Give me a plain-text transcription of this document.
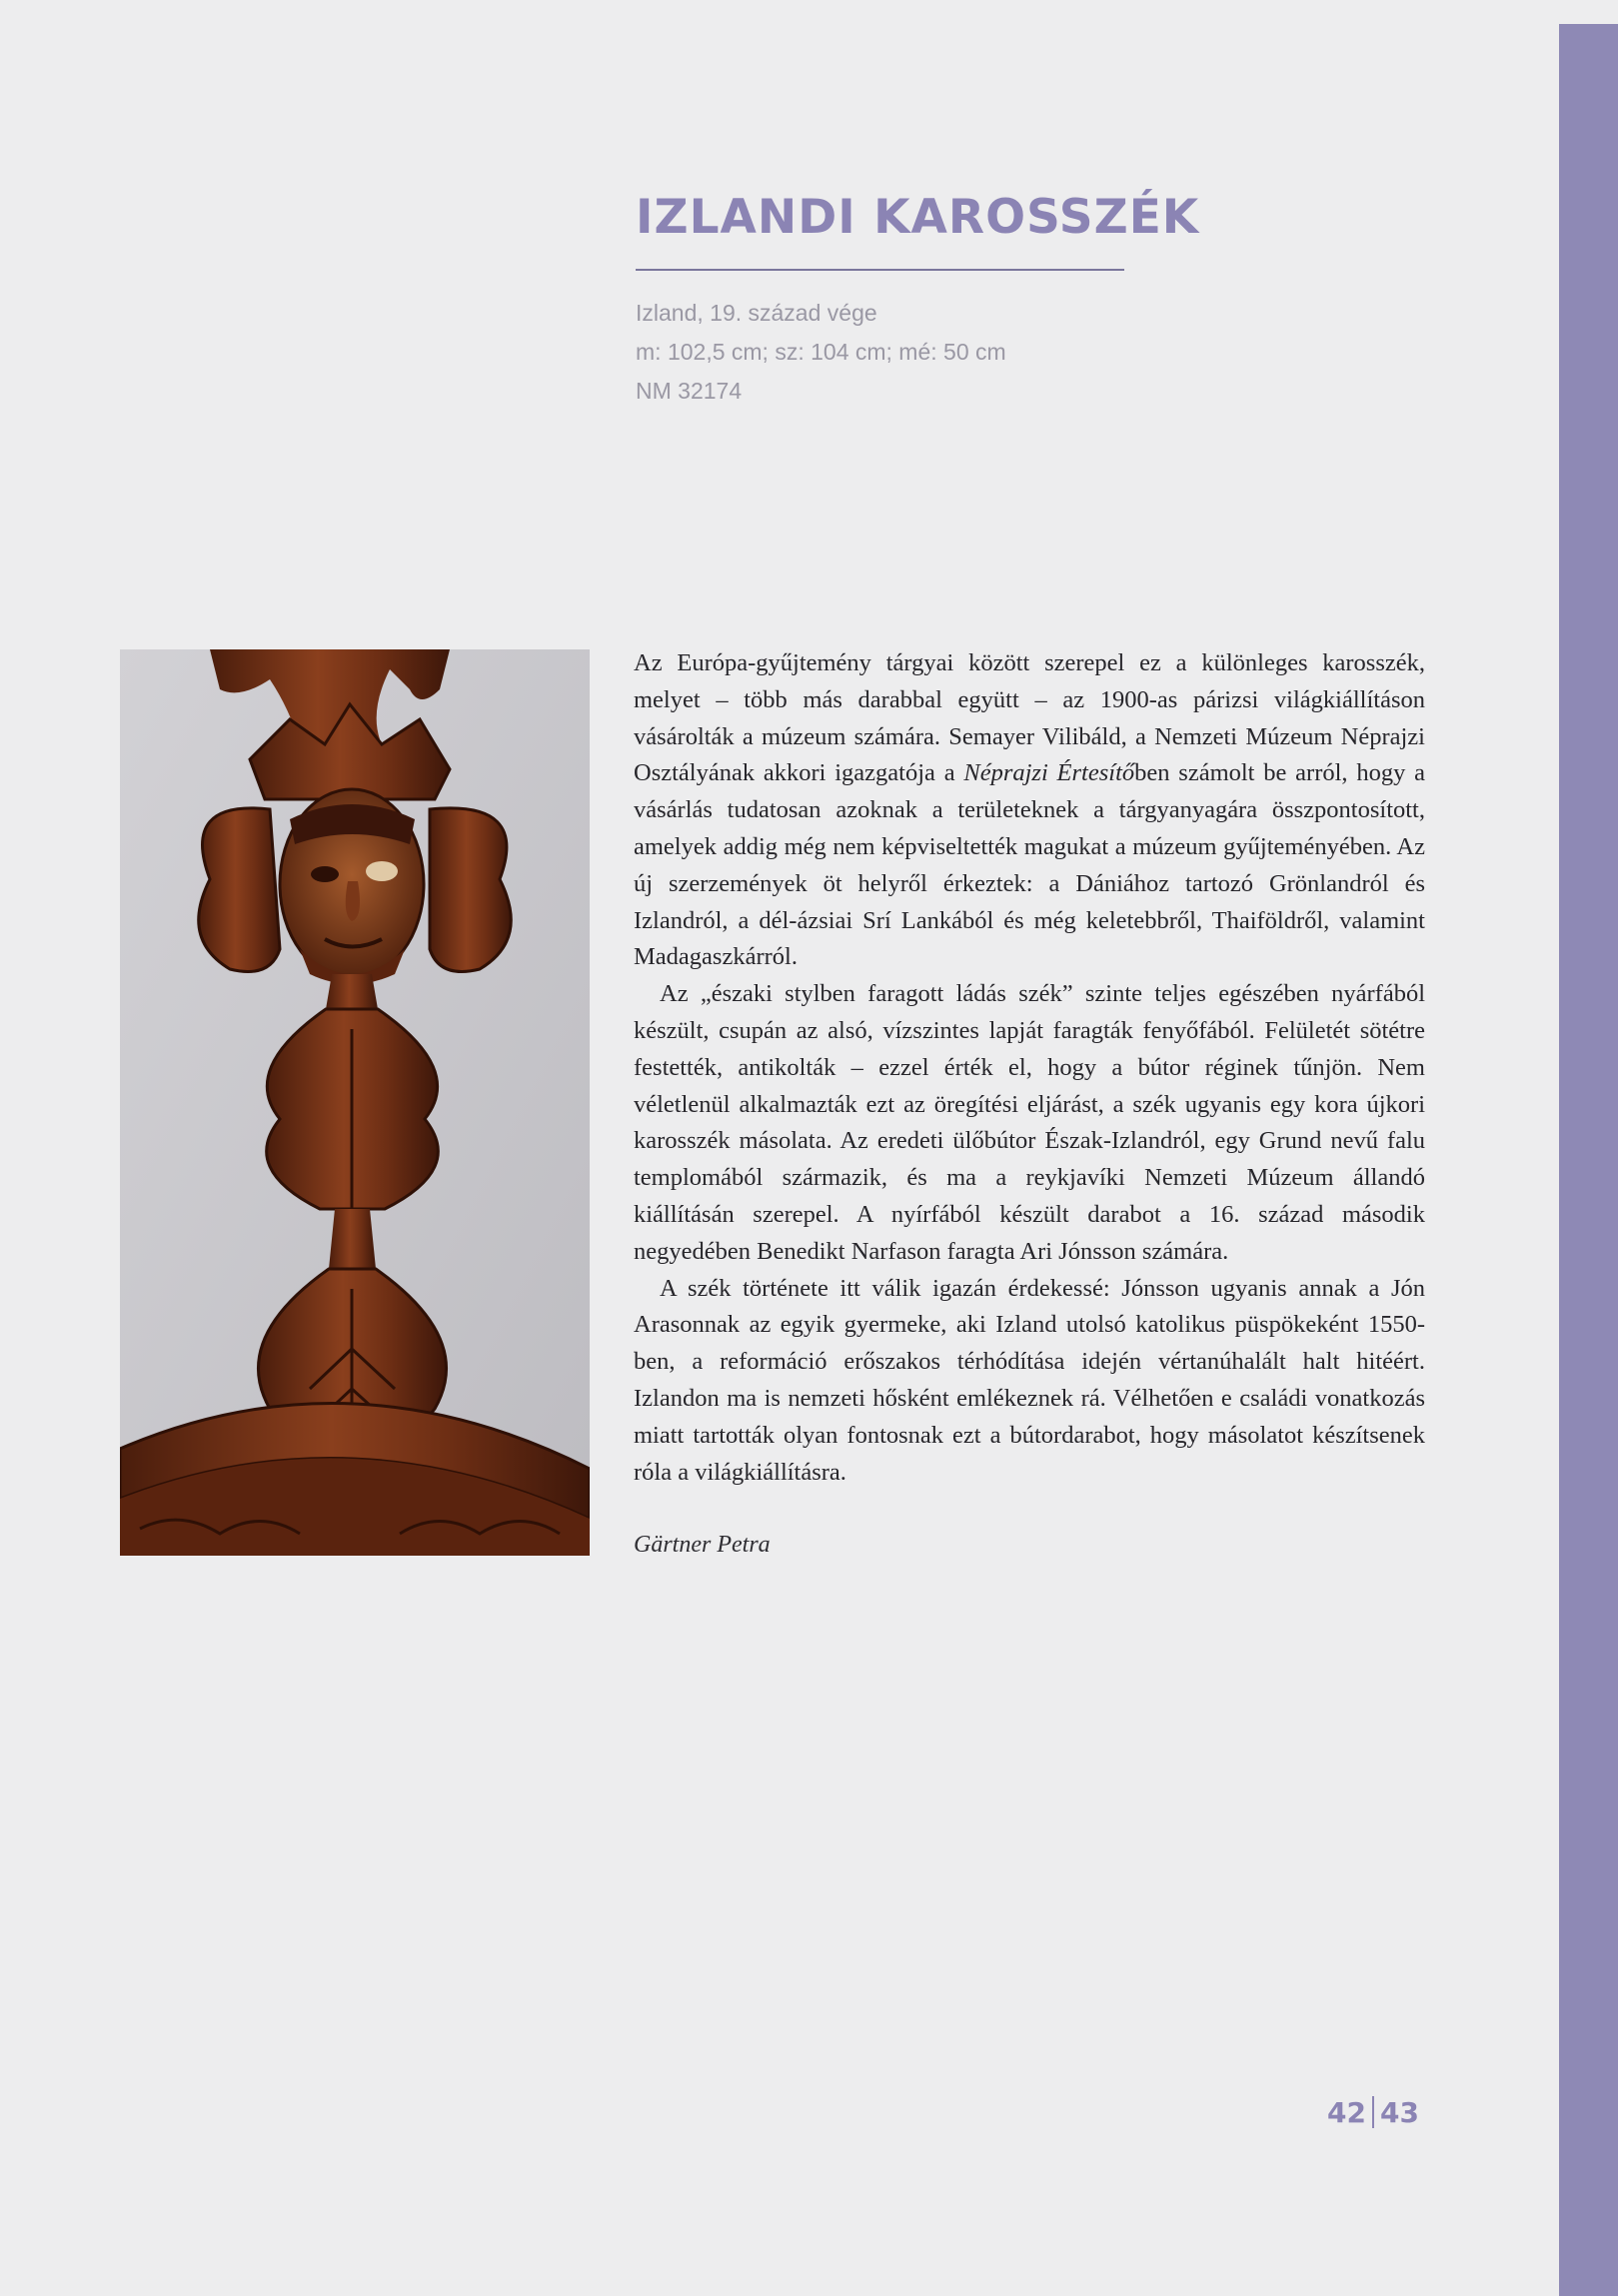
IZLANDI KAROSSZÉK
Izland, 19. század vége
m: 102,5 cm; sz: 104 cm; mé: 50 cm
NM 32174

Az Európa-gyűjtemény tárgyai között szerepel ez a különleges karosszék, melyet – több más darabbal együtt – az 1900-as párizsi világkiállításon vásárolták a múzeum számára. Semayer Vilibáld, a Nemzeti Múzeum Néprajzi Osztályának akkori igazgatója a Néprajzi Értesítőben számolt be arról, hogy a vásárlás tudatosan azoknak a területeknek a tárgyanyagára összpontosított, amelyek addig még nem képviseltették magukat a múzeum gyűjteményében. Az új szerzemények öt helyről érkeztek: a Dániához tartozó Grönlandról és Izlandról, a dél-ázsiai Srí Lankából és még keletebbről, Thaiföldről, valamint Madagaszkárról.

Az „északi stylben faragott ládás szék” szinte teljes egészében nyárfából készült, csupán az alsó, vízszintes lapját faragták fenyőfából. Felületét sötétre festették, antikolták – ezzel érték el, hogy a bútor réginek tűnjön. Nem véletlenül alkalmazták ezt az öregítési eljárást, a szék ugyanis egy kora újkori karosszék másolata. Az eredeti ülőbútor Észak-Izlandról, egy Grund nevű falu templomából származik, és ma a reykjavíki Nemzeti Múzeum állandó kiállításán szerepel. A nyírfából készült darabot a 16. század második negyedében Benedikt Narfason faragta Ari Jónsson számára.

A szék története itt válik igazán érdekessé: Jónsson ugyanis annak a Jón Arasonnak az egyik gyermeke, aki Izland utolsó katolikus püspökeként 1550-ben, a reformáció erőszakos térhódítása idején vértanúhalált halt hitéért. Izlandon ma is nemzeti hősként emlékeznek rá. Vélhetően e családi vonatkozás miatt tartották olyan fontosnak ezt a bútordarabot, hogy másolatot készítsenek róla a világkiállításra.

Gärtner Petra
42 43
